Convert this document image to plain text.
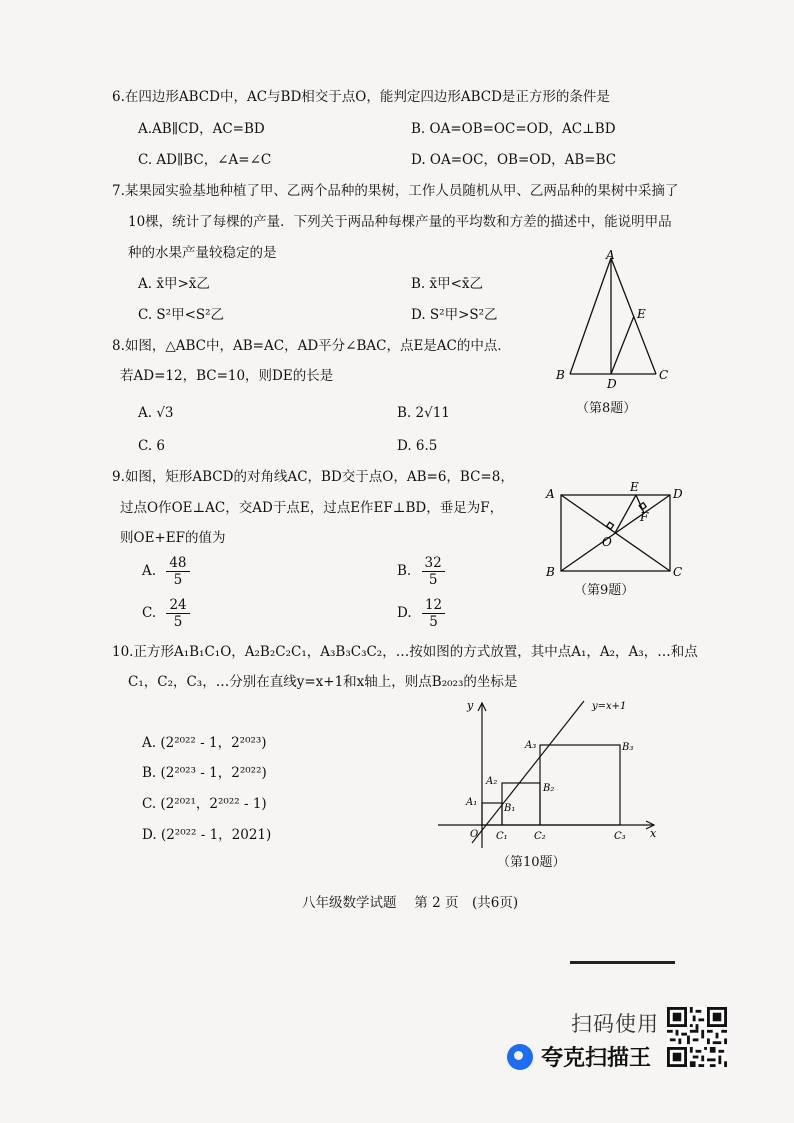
6.在四边形ABCD中，AC与BD相交于点O，能判定四边形ABCD是正方形的条件是
A.AB∥CD，AC=BD	B. OA=OB=OC=OD，AC⊥BD
C. AD∥BC，∠A=∠C	D. OA=OC，OB=OD，AB=BC
7.某果园实验基地种植了甲、乙两个品种的果树，工作人员随机从甲、乙两品种的果树中采摘了
10棵，统计了每棵的产量．下列关于两品种每棵产量的平均数和方差的描述中，能说明甲品
种的水果产量较稳定的是
A. x̄甲>x̄乙	B. x̄甲<x̄乙
C. S²甲<S²乙	D. S²甲>S²乙
8.如图，△ABC中，AB=AC，AD平分∠BAC，点E是AC的中点．
若AD=12，BC=10，则DE的长是
A. √3	B. 2√11
C. 6	D. 6.5
A
B	C
D
E
（第8题）
9.如图，矩形ABCD的对角线AC，BD交于点O，AB=6，BC=8，
过点O作OE⊥AC，交AD于点E，过点E作EF⊥BD，垂足为F，
则OE+EF的值为
A. $\frac{48}{5}$	B. $\frac{32}{5}$
C. $\frac{24}{5}$	D. $\frac{12}{5}$
A
B	C
D
E
F
O
（第9题）
10.正方形A₁B₁C₁O，A₂B₂C₂C₁，A₃B₃C₃C₂，…按如图的方式放置，其中点A₁，A₂，A₃，…和点
C₁，C₂，C₃，…分别在直线y=x+1和x轴上，则点B₂₀₂₃的坐标是
A. (2²⁰²² - 1，2²⁰²³)
B. (2²⁰²³ - 1，2²⁰²²)
C. (2²⁰²¹，2²⁰²² - 1)
D. (2²⁰²² - 1，2021)
y
x
O
y=x+1
A₁
A₂
A₃
B₁
B₂
B₃
C₁	C₂	C₃
（第10题）
八年级数学试题　 第 2 页　(共6页)
扫码使用
夸克扫描王
